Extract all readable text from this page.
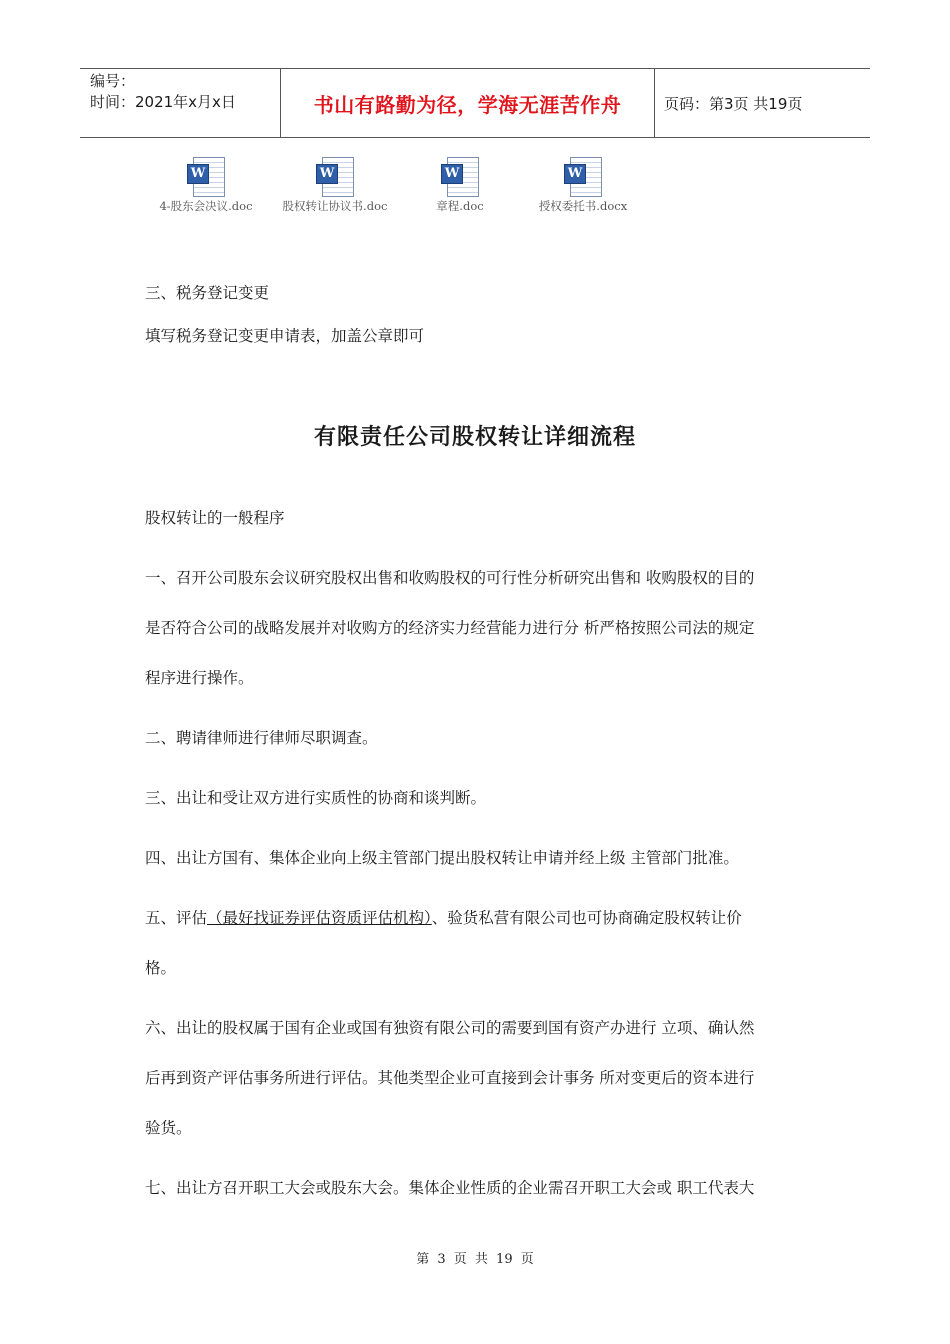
编号：
时间：2021年x月x日	书山有路勤为径，学海无涯苦作舟	页码：第3页 共19页
W
4-股东会决议.doc
W
股权转让协议书.doc
W
章程.doc
W
授权委托书.docx
三、税务登记变更
填写税务登记变更申请表，加盖公章即可
有限责任公司股权转让详细流程
股权转让的一般程序
一、召开公司股东会议研究股权出售和收购股权的可行性分析研究出售和 收购股权的目的
是否符合公司的战略发展并对收购方的经济实力经营能力进行分 析严格按照公司法的规定
程序进行操作。
二、聘请律师进行律师尽职调查。
三、出让和受让双方进行实质性的协商和谈判断。
四、出让方国有、集体企业向上级主管部门提出股权转让申请并经上级 主管部门批准。
五、评估（最好找证券评估资质评估机构）、验货私营有限公司也可协商确定股权转让价
格。
六、出让的股权属于国有企业或国有独资有限公司的需要到国有资产办进行 立项、确认然
后再到资产评估事务所进行评估。其他类型企业可直接到会计事务 所对变更后的资本进行
验货。
七、出让方召开职工大会或股东大会。集体企业性质的企业需召开职工大会或 职工代表大
第 3 页 共 19 页
